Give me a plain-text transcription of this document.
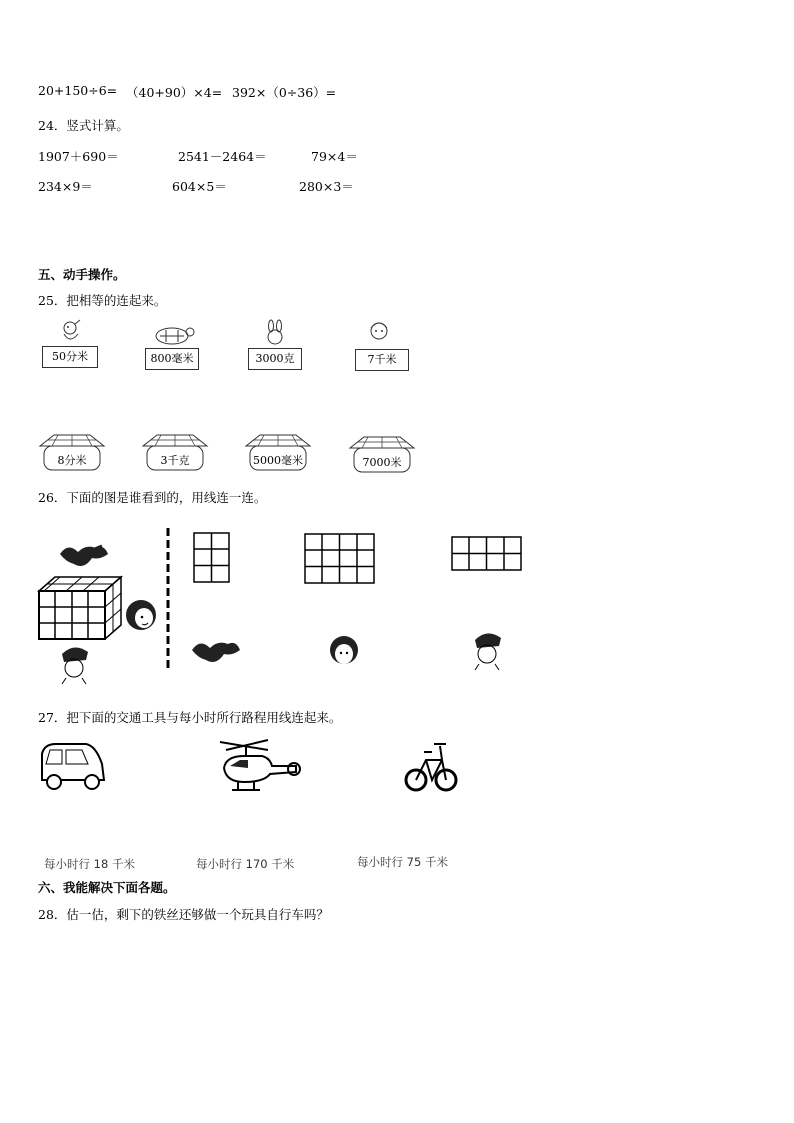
20+150÷6= （40+90）×4= 392×（0÷36）=
24．竖式计算。
1907＋690＝	2541－2464＝	79×4＝
234×9＝	604×5＝	280×3＝
五、动手操作。
25．把相等的连起来。
50分米	800毫米	3000克	7千米
8分米	3千克	5000毫米	7000米
26．下面的图是谁看到的，用线连一连。
27．把下面的交通工具与每小时所行路程用线连起来。
每小时行 18 千米	每小时行 170 千米	每小时行 75 千米
六、我能解决下面各题。
28．估一估，剩下的铁丝还够做一个玩具自行车吗？
